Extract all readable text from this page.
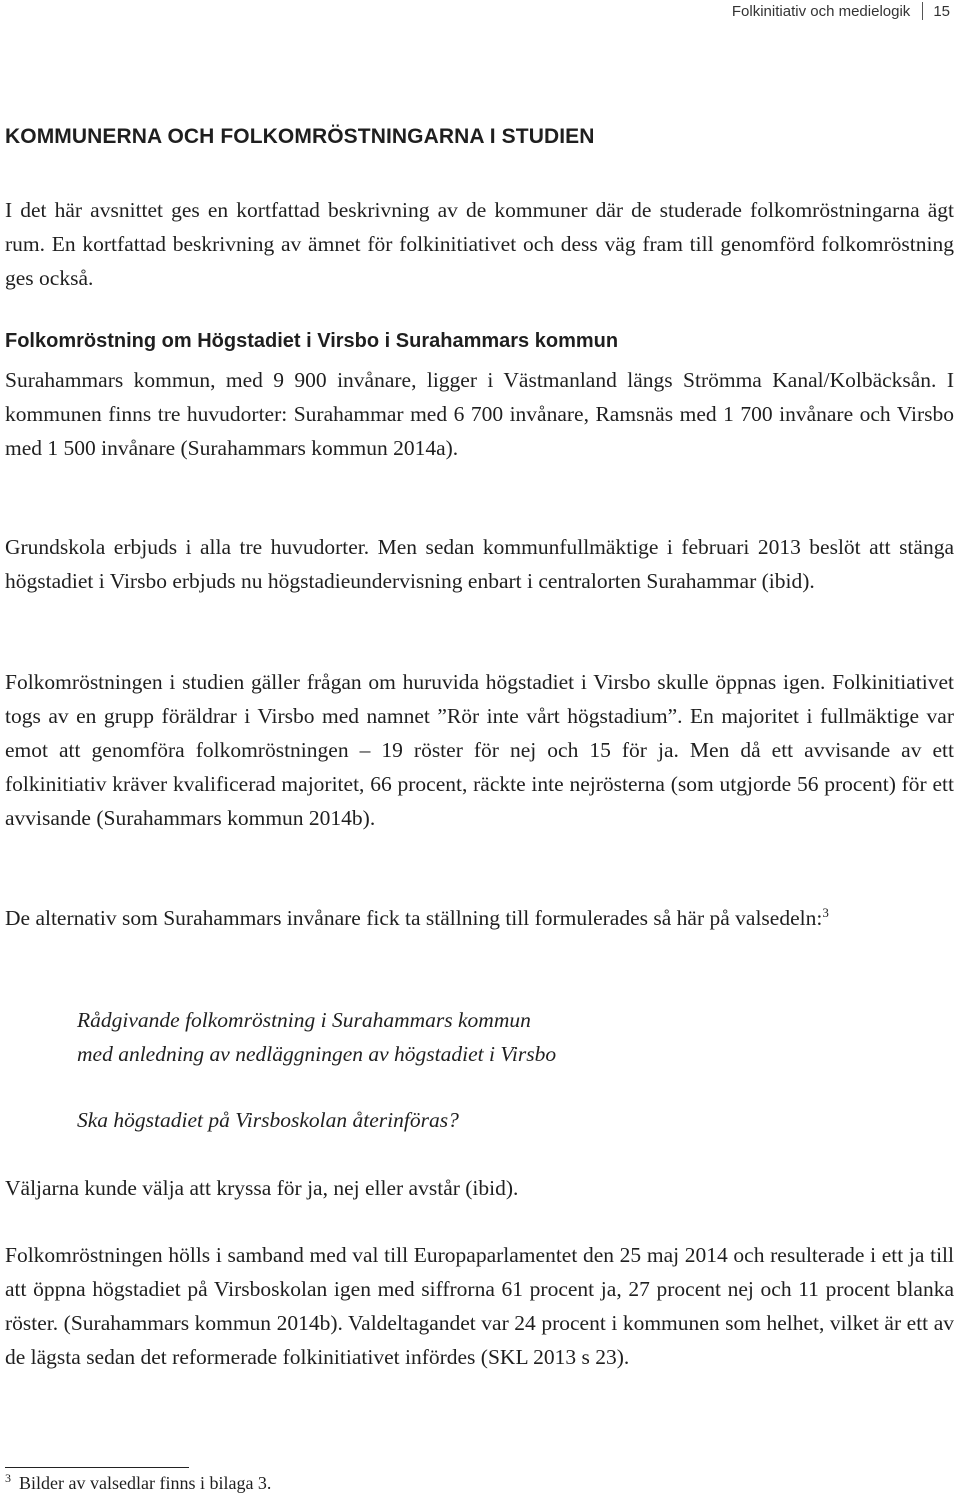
Folkinitiativ och medielogik 15
KOMMUNERNA OCH FOLKOMRÖSTNINGARNA I STUDIEN

I det här avsnittet ges en kortfattad beskrivning av de kommuner där de studerade folkomröstningarna ägt rum. En kortfattad beskrivning av ämnet för folkinitiativet och dess väg fram till genomförd folkomröstning ges också.

Folkomröstning om Högstadiet i Virsbo i Surahammars kommun

Surahammars kommun, med 9 900 invånare, ligger i Västmanland längs Strömma Kanal/Kolbäcksån. I kommunen finns tre huvudorter: Surahammar med 6 700 invånare, Ramsnäs med 1 700 invånare och Virsbo med 1 500 invånare (Surahammars kommun 2014a).

Grundskola erbjuds i alla tre huvudorter. Men sedan kommunfullmäktige i februari 2013 beslöt att stänga högstadiet i Virsbo erbjuds nu högstadieundervisning enbart i centralorten Surahammar (ibid).

Folkomröstningen i studien gäller frågan om huruvida högstadiet i Virsbo skulle öppnas igen. Folkinitiativet togs av en grupp föräldrar i Virsbo med namnet ”Rör inte vårt högstadium”. En majoritet i fullmäktige var emot att genomföra folkomröstningen – 19 röster för nej och 15 för ja. Men då ett avvisande av ett folkinitiativ kräver kvalificerad majoritet, 66 procent, räckte inte nejrösterna (som utgjorde 56 procent) för ett avvisande (Surahammars kommun 2014b).

De alternativ som Surahammars invånare fick ta ställning till formulerades så här på valsedeln:$^3$

Rådgivande folkomröstning i Surahammars kommun
med anledning av nedläggningen av högstadiet i Virsbo

Ska högstadiet på Virsboskolan återinföras?

Väljarna kunde välja att kryssa för ja, nej eller avstår (ibid).

Folkomröstningen hölls i samband med val till Europaparlamentet den 25 maj 2014 och resulterade i ett ja till att öppna högstadiet på Virsboskolan igen med siffrorna 61 procent ja, 27 procent nej och 11 procent blanka röster. (Surahammars kommun 2014b). Valdeltagandet var 24 procent i kommunen som helhet, vilket är ett av de lägsta sedan det reformerade folkinitiativet infördes (SKL 2013 s 23).

$^3$ Bilder av valsedlar finns i bilaga 3.
